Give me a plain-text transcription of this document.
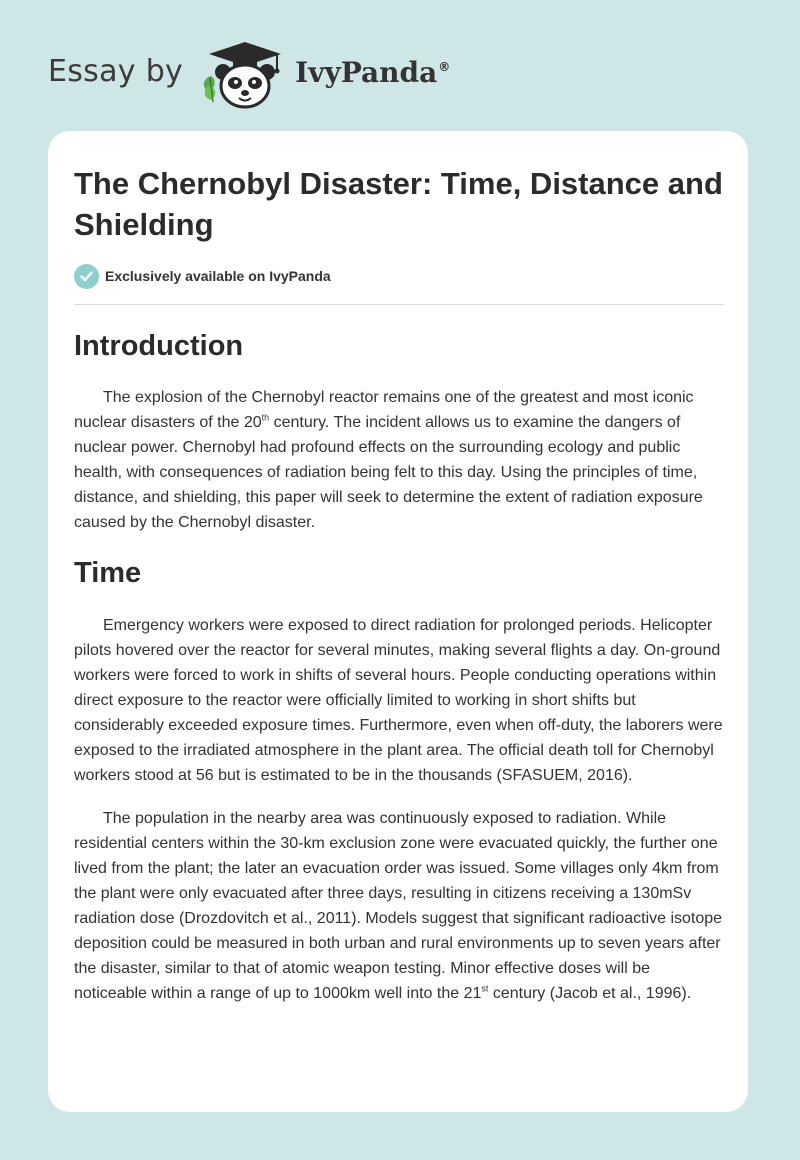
Essay by	IvyPanda®
The Chernobyl Disaster: Time, Distance and Shielding
Exclusively available on IvyPanda
Introduction

The explosion of the Chernobyl reactor remains one of the greatest and most iconic nuclear disasters of the 20th century. The incident allows us to examine the dangers of nuclear power. Chernobyl had profound effects on the surrounding ecology and public health, with consequences of radiation being felt to this day. Using the principles of time, distance, and shielding, this paper will seek to determine the extent of radiation exposure caused by the Chernobyl disaster.

Time

Emergency workers were exposed to direct radiation for prolonged periods. Helicopter pilots hovered over the reactor for several minutes, making several flights a day. On-ground workers were forced to work in shifts of several hours. People conducting operations within direct exposure to the reactor were officially limited to working in short shifts but considerably exceeded exposure times. Furthermore, even when off-duty, the laborers were exposed to the irradiated atmosphere in the plant area. The official death toll for Chernobyl workers stood at 56 but is estimated to be in the thousands (SFASUEM, 2016).

The population in the nearby area was continuously exposed to radiation. While residential centers within the 30-km exclusion zone were evacuated quickly, the further one lived from the plant; the later an evacuation order was issued. Some villages only 4km from the plant were only evacuated after three days, resulting in citizens receiving a 130mSv radiation dose (Drozdovitch et al., 2011). Models suggest that significant radioactive isotope deposition could be measured in both urban and rural environments up to seven years after the disaster, similar to that of atomic weapon testing. Minor effective doses will be noticeable within a range of up to 1000km well into the 21st century (Jacob et al., 1996).
